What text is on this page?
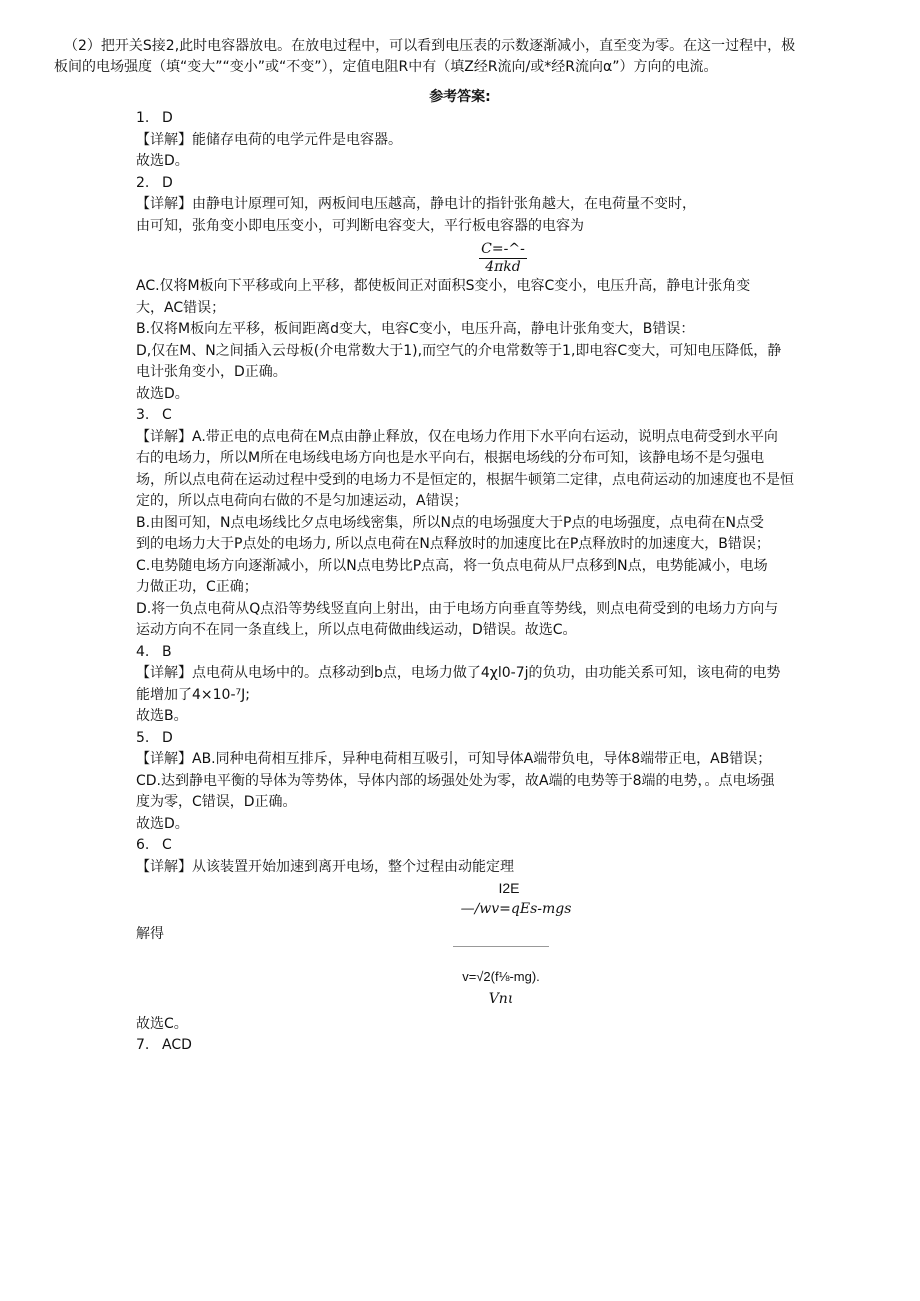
（2）把开关S接2,此时电容器放电。在放电过程中，可以看到电压表的示数逐渐减小，直至变为零。在这一过程中，极

板间的电场强度（填“变大”“变小”或“不变”），定值电阻R中有（填Z经R流向/或*经R流向α”）方向的电流。

参考答案:

1. D

【详解】能储存电荷的电学元件是电容器。

故选D。

2. D

【详解】由静电计原理可知，两板间电压越高，静电计的指针张角越大，在电荷量不变时，

由可知，张角变小即电压变小，可判断电容变大，平行板电容器的电容为

$\frac{C=-\^{}-}{\text{4πkd}}$

AC.仅将M板向下平移或向上平移，都使板间正对面积S变小，电容C变小，电压升高，静电计张角变

大，AC错误；

B.仅将M板向左平移，板间距离d变大，电容C变小，电压升高，静电计张角变大，B错误：

D,仅在M、N之间插入云母板(介电常数大于1),而空气的介电常数等于1,即电容C变大，可知电压降低，静

电计张角变小，D正确。

故选D。

3. C

【详解】A.带正电的点电荷在M点由静止释放，仅在电场力作用下水平向右运动，说明点电荷受到水平向

右的电场力，所以M所在电场线电场方向也是水平向右，根据电场线的分布可知，该静电场不是匀强电

场，所以点电荷在运动过程中受到的电场力不是恒定的，根据牛顿第二定律，点电荷运动的加速度也不是恒

定的，所以点电荷向右做的不是匀加速运动，A错误；

B.由图可知，N点电场线比夕点电场线密集，所以N点的电场强度大于P点的电场强度，点电荷在N点受

到的电场力大于P点处的电场力, 所以点电荷在N点释放时的加速度比在P点释放时的加速度大，B错误；

C.电势随电场方向逐渐减小，所以N点电势比P点高，将一负点电荷从尸点移到N点，电势能减小，电场

力做正功，C正确；

D.将一负点电荷从Q点沿等势线竖直向上射出，由于电场方向垂直等势线，则点电荷受到的电场力方向与

运动方向不在同一条直线上，所以点电荷做曲线运动，D错误。故选C。

4. B

【详解】点电荷从电场中的。点移动到b点，电场力做了4χl0-7j的负功，由功能关系可知，该电荷的电势

能增加了4×10-⁷J;

故选B。

5. D

【详解】AB.同种电荷相互排斥，异种电荷相互吸引，可知导体A端带负电，导体8端带正电，AB错误；

CD.达到静电平衡的导体为等势体，导体内部的场强处处为零，故A端的电势等于8端的电势，。点电场强

度为零，C错误，D正确。

故选D。

6. C

【详解】从该装置开始加速到离开电场，整个过程由动能定理

I2E

—∕wv=qEs-mgs

解得

v=√2(f⅛-mg).

Vnι

故选C。

7. ACD
